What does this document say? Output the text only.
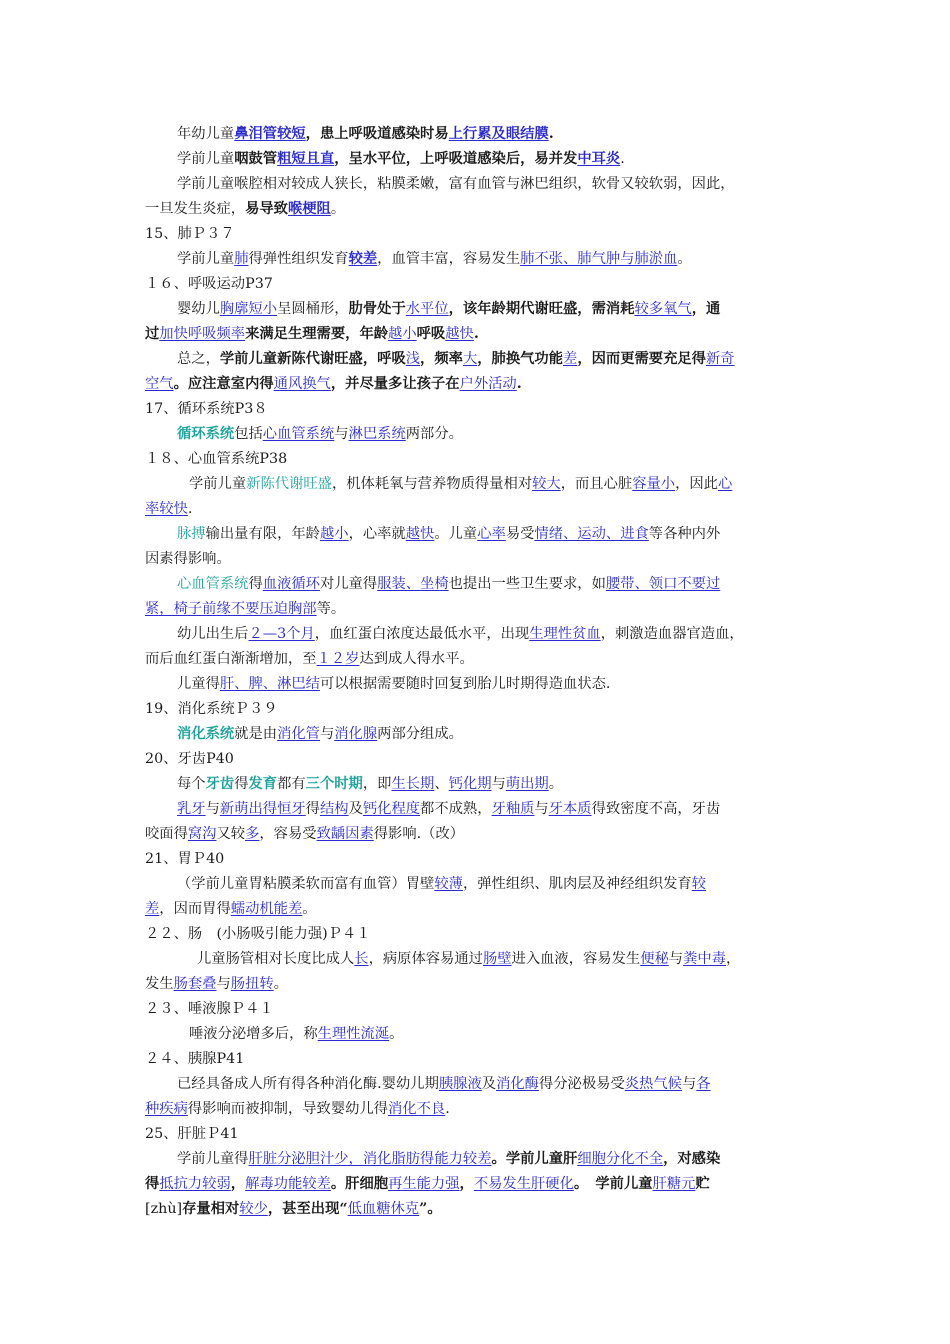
年幼儿童鼻泪管较短，患上呼吸道感染时易上行累及眼结膜.
学前儿童咽鼓管粗短且直，呈水平位，上呼吸道感染后，易并发中耳炎.
学前儿童喉腔相对较成人狭长，粘膜柔嫩，富有血管与淋巴组织，软骨又较软弱，因此，
一旦发生炎症，易导致喉梗阻。
15、肺Ｐ３７
学前儿童肺得弹性组织发育较差，血管丰富，容易发生肺不张、肺气肿与肺淤血。
１６、呼吸运动P37
婴幼儿胸廓短小呈圆桶形，肋骨处于水平位，该年龄期代谢旺盛，需消耗较多氧气，通
过加快呼吸频率来满足生理需要，年龄越小呼吸越快.
总之，学前儿童新陈代谢旺盛，呼吸浅，频率大，肺换气功能差，因而更需要充足得新奇
空气。应注意室内得通风换气，并尽量多让孩子在户外活动.
17、循环系统P3８
循环系统包括心血管系统与淋巴系统两部分。
１８、心血管系统P38
学前儿童新陈代谢旺盛，机体耗氧与营养物质得量相对较大，而且心脏容量小，因此心
率较快.
脉搏输出量有限，年龄越小，心率就越快。儿童心率易受情绪、运动、进食等各种内外
因素得影响。
心血管系统得血液循环对儿童得服装、坐椅也提出一些卫生要求，如腰带、领口不要过
紧，椅子前缘不要压迫胸部等。
幼儿出生后２—3个月，血红蛋白浓度达最低水平，出现生理性贫血，刺激造血器官造血，
而后血红蛋白渐渐增加，至１２岁达到成人得水平。
儿童得肝、脾、淋巴结可以根据需要随时回复到胎儿时期得造血状态.
19、消化系统Ｐ３９
消化系统就是由消化管与消化腺两部分组成。
20、牙齿P40
每个牙齿得发育都有三个时期，即生长期、钙化期与萌出期。
乳牙与新萌出得恒牙得结构及钙化程度都不成熟，牙釉质与牙本质得致密度不高，牙齿
咬面得窝沟又较多，容易受致龋因素得影响.（改）
21、胃Ｐ40
（学前儿童胃粘膜柔软而富有血管）胃壁较薄，弹性组织、肌肉层及神经组织发育较
差，因而胃得蠕动机能差。
２２、肠　(小肠吸引能力强)Ｐ４１
儿童肠管相对长度比成人长，病原体容易通过肠壁进入血液，容易发生便秘与粪中毒，
发生肠套叠与肠扭转。
２３、唾液腺Ｐ４１
唾液分泌增多后，称生理性流涎。
２４、胰腺P41
已经具备成人所有得各种消化酶.婴幼儿期胰腺液及消化酶得分泌极易受炎热气候与各
种疾病得影响而被抑制，导致婴幼儿得消化不良.
25、肝脏Ｐ41
学前儿童得肝脏分泌胆汁少，消化脂肪得能力较差。学前儿童肝细胞分化不全，对感染
得抵抗力较弱，解毒功能较差。肝细胞再生能力强，不易发生肝硬化。　学前儿童肝糖元贮
[zhù]存量相对较少，甚至出现“低血糖休克”。
